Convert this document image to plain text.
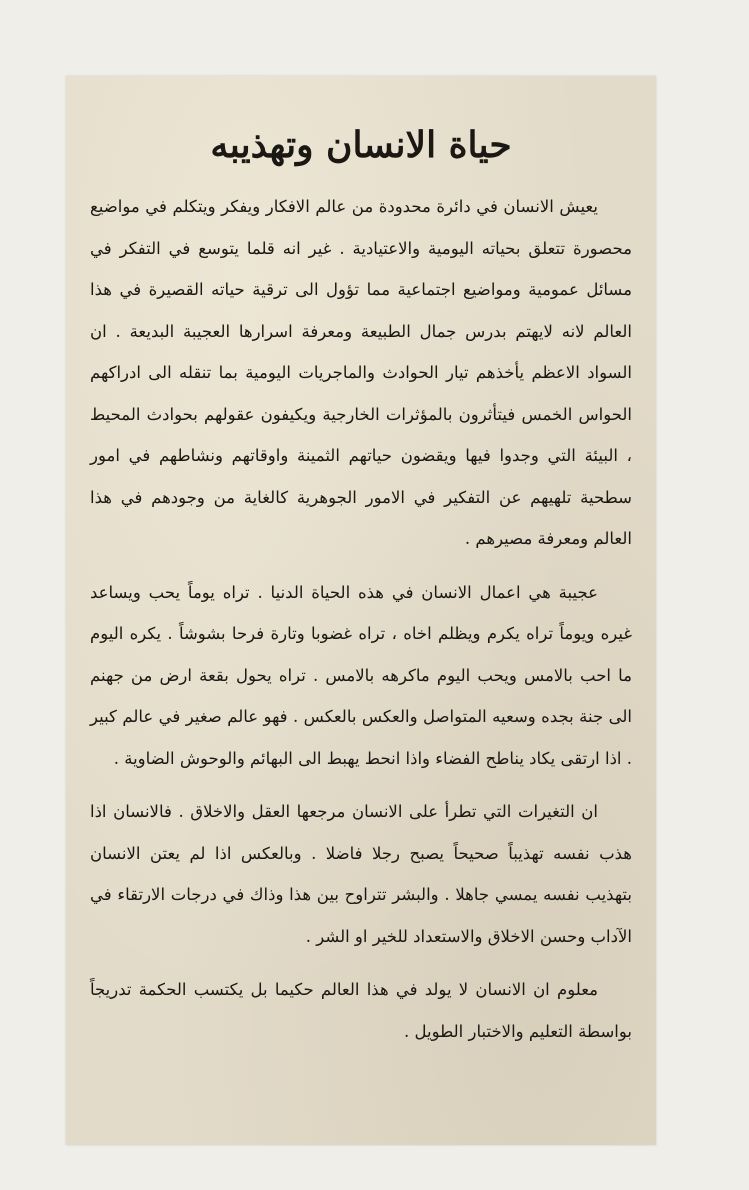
حياة الانسان وتهذيبه

يعيش الانسان في دائرة محدودة من عالم الافكار ويفكر ويتكلم في مواضيع محصورة تتعلق بحياته اليومية والاعتيادية . غير انه قلما يتوسع في التفكر في مسائل عمومية ومواضيع اجتماعية مما تؤول الى ترقية حياته القصيرة في هذا العالم لانه لايهتم بدرس جمال الطبيعة ومعرفة اسرارها العجيبة البديعة . ان السواد الاعظم يأخذهم تيار الحوادث والماجريات اليومية بما تنقله الى ادراكهم الحواس الخمس فيتأثرون بالمؤثرات الخارجية ويكيفون عقولهم بحوادث المحيط ، البيئة التي وجدوا فيها ويقضون حياتهم الثمينة واوقاتهم ونشاطهم في امور سطحية تلهيهم عن التفكير في الامور الجوهرية كالغاية من وجودهم في هذا العالم ومعرفة مصيرهم .

عجيبة هي اعمال الانسان في هذه الحياة الدنيا . تراه يوماً يحب ويساعد غيره ويوماً تراه يكرم ويظلم اخاه ، تراه غضوبا وتارة فرحا بشوشاً . يكره اليوم ما احب بالامس ويحب اليوم ماكرهه بالامس . تراه يحول بقعة ارض من جهنم الى جنة بجده وسعيه المتواصل والعكس بالعكس . فهو عالم صغير في عالم كبير . اذا ارتقى يكاد يناطح الفضاء واذا انحط يهبط الى البهائم والوحوش الضاوية .

ان التغيرات التي تطرأ على الانسان مرجعها العقل والاخلاق . فالانسان اذا هذب نفسه تهذيباً صحيحاً يصبح رجلا فاضلا . وبالعكس اذا لم يعتن الانسان بتهذيب نفسه يمسي جاهلا . والبشر تتراوح بين هذا وذاك في درجات الارتقاء في الآداب وحسن الاخلاق والاستعداد للخير او الشر .

معلوم ان الانسان لا يولد في هذا العالم حكيما بل يكتسب الحكمة تدريجاً بواسطة التعليم والاختبار الطويل .
